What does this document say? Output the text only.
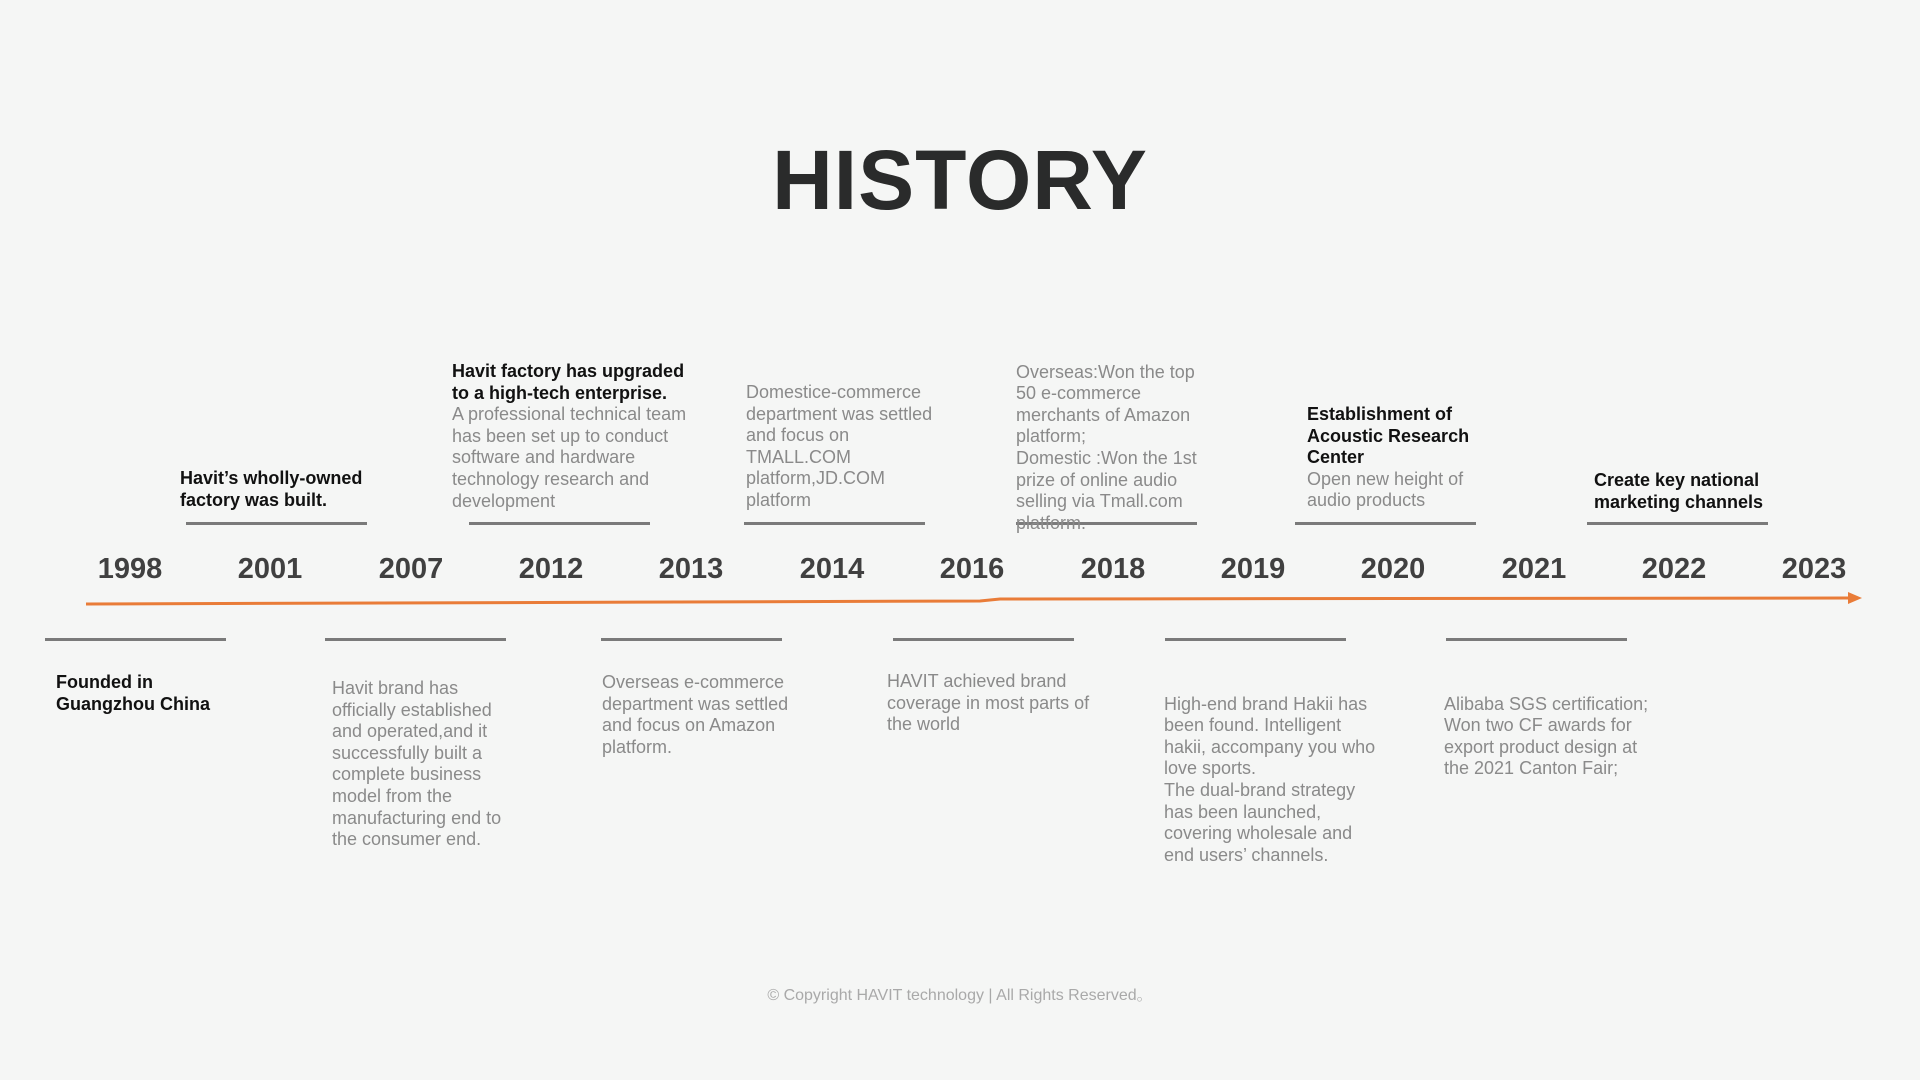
HISTORY
1998	2001	2007	2012	2013	2014	2016	2018	2019	2020	2021	2022	2023
Havit’s wholly-owned factory was built.
Havit factory has upgraded to a high-tech enterprise.
A professional technical team has been set up to conduct software and hardware technology research and development
Domestice-commerce department was settled and focus on TMALL.COM platform,JD.COM platform

Overseas:Won the top 50 e-commerce merchants of Amazon platform;
Domestic :Won the 1st prize of online audio selling via Tmall.com platform.

Establishment of Acoustic Research Center
Open new height of audio products
Create key national marketing channels
Founded in Guangzhou China
Havit brand has officially established and operated,and it successfully built a complete business model from the manufacturing end to the consumer end.
Overseas e-commerce department was settled and focus on Amazon platform.
HAVIT achieved brand coverage in most parts of the world

High-end brand Hakii has been found. Intelligent hakii, accompany you who love sports.
The dual-brand strategy has been launched, covering wholesale and end users’ channels.

Alibaba SGS certification;
Won two CF awards for export product design at the 2021 Canton Fair;

© Copyright HAVIT technology | All Rights Reserved。
